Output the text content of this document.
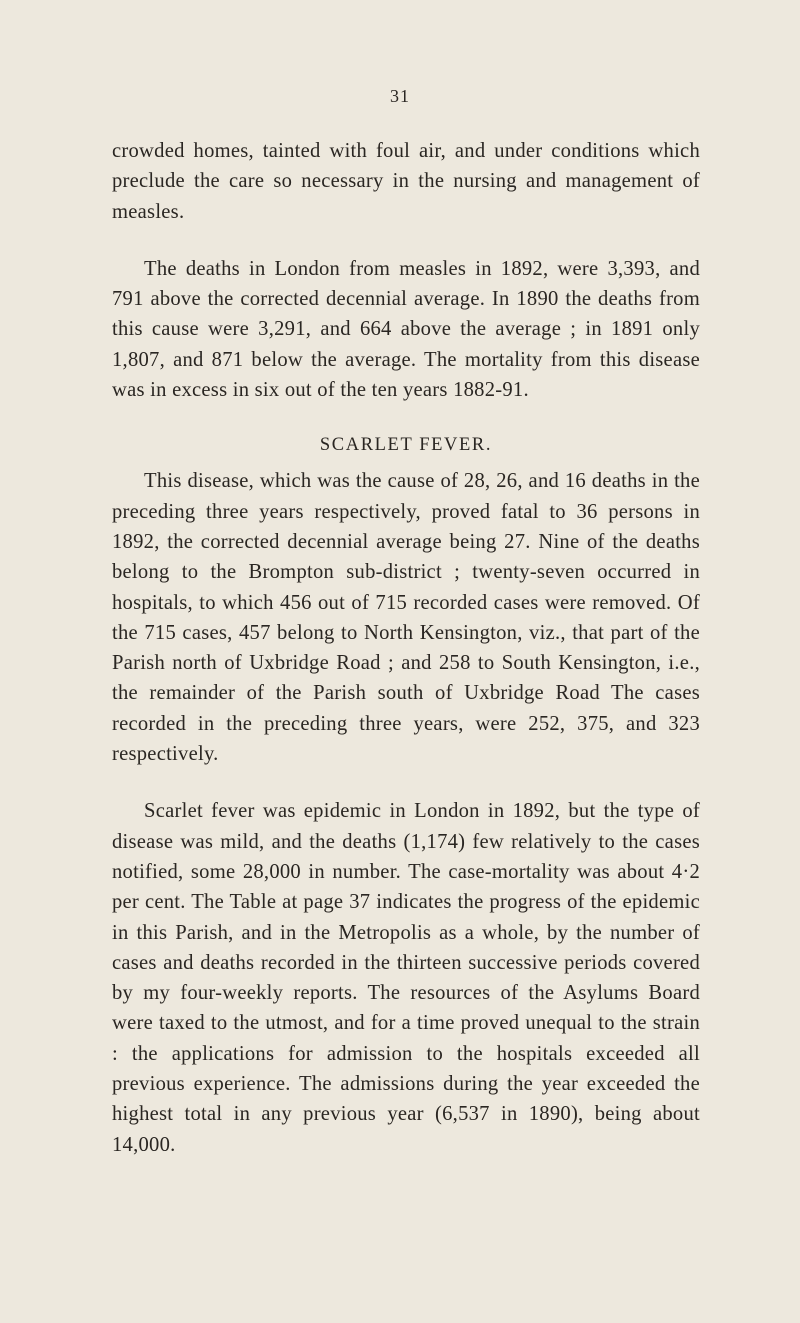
31

crowded homes, tainted with foul air, and under conditions which preclude the care so necessary in the nursing and management of measles.

The deaths in London from measles in 1892, were 3,393, and 791 above the corrected decennial average. In 1890 the deaths from this cause were 3,291, and 664 above the average ; in 1891 only 1,807, and 871 below the average. The mortality from this disease was in excess in six out of the ten years 1882-91.

SCARLET FEVER.

This disease, which was the cause of 28, 26, and 16 deaths in the preceding three years respectively, proved fatal to 36 persons in 1892, the corrected decennial average being 27. Nine of the deaths belong to the Brompton sub-district ; twenty-seven occurred in hospitals, to which 456 out of 715 recorded cases were removed. Of the 715 cases, 457 belong to North Kensington, viz., that part of the Parish north of Uxbridge Road ; and 258 to South Kensington, i.e., the remainder of the Parish south of Uxbridge Road The cases recorded in the preceding three years, were 252, 375, and 323 respectively.

Scarlet fever was epidemic in London in 1892, but the type of disease was mild, and the deaths (1,174) few relatively to the cases notified, some 28,000 in number. The case-mortality was about 4·2 per cent. The Table at page 37 indicates the progress of the epidemic in this Parish, and in the Metropolis as a whole, by the number of cases and deaths recorded in the thirteen successive periods covered by my four-weekly reports. The resources of the Asylums Board were taxed to the utmost, and for a time proved unequal to the strain : the applications for admission to the hospitals exceeded all previous experience. The admissions during the year exceeded the highest total in any previous year (6,537 in 1890), being about 14,000.
